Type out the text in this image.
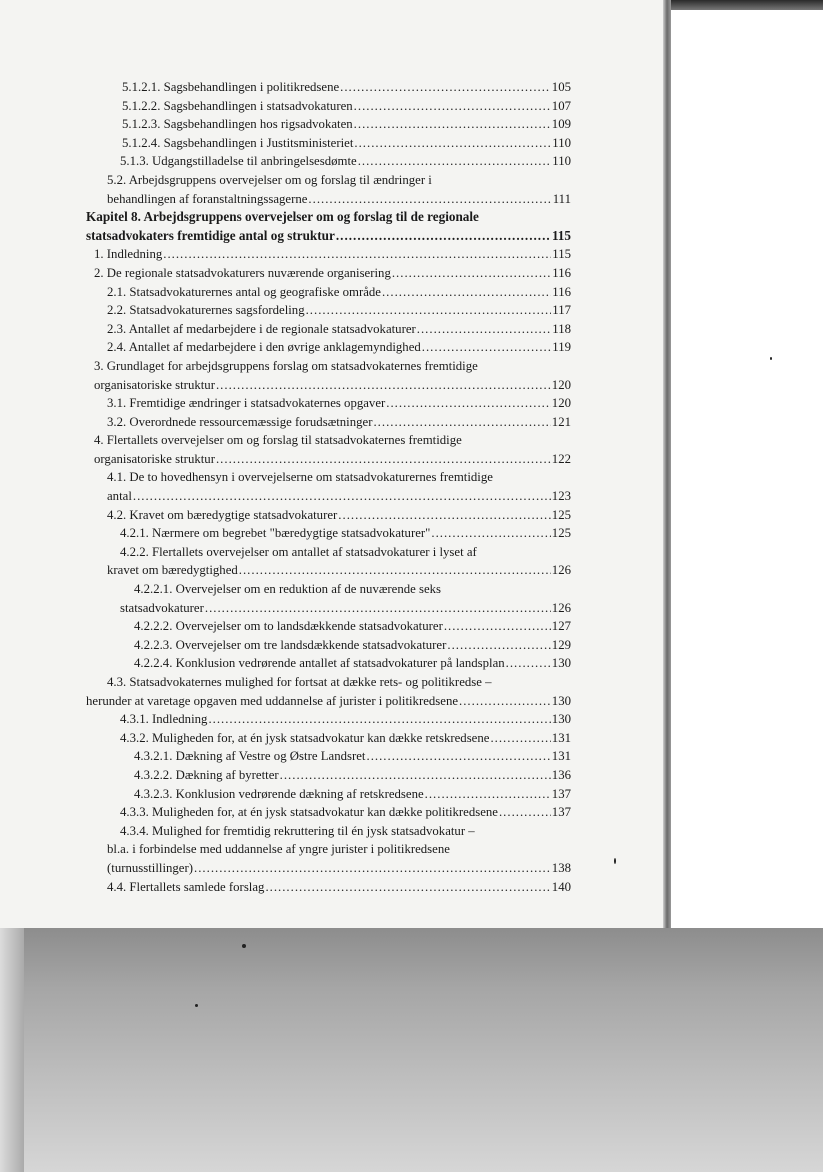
5.1.2.1. Sagsbehandlingen i politikredsene .....	105
5.1.2.2. Sagsbehandlingen i statsadvokaturen .....	107
5.1.2.3. Sagsbehandlingen hos rigsadvokaten .....	109
5.1.2.4. Sagsbehandlingen i Justitsministeriet .....	110
5.1.3. Udgangstilladelse til anbringelsesdømte .....	110
5.2. Arbejdsgruppens overvejelser om og forslag til ændringer i
behandlingen af foranstaltningssagerne .....	111
Kapitel 8. Arbejdsgruppens overvejelser om og forslag til de regionale
statsadvokaters fremtidige antal og struktur .....	115
1. Indledning .....	115
2. De regionale statsadvokaturers nuværende organisering .....	116
2.1. Statsadvokaturernes antal og geografiske område .....	116
2.2. Statsadvokaturernes sagsfordeling .....	117
2.3. Antallet af medarbejdere i de regionale statsadvokaturer .....	118
2.4. Antallet af medarbejdere i den øvrige anklagemyndighed .....	119
3. Grundlaget for arbejdsgruppens forslag om statsadvokaternes fremtidige
organisatoriske struktur .....	120
3.1. Fremtidige ændringer i statsadvokaternes opgaver .....	120
3.2. Overordnede ressourcemæssige forudsætninger .....	121
4. Flertallets overvejelser om og forslag til statsadvokaternes fremtidige
organisatoriske struktur .....	122
4.1. De to hovedhensyn i overvejelserne om statsadvokaturernes fremtidige
antal .....	123
4.2. Kravet om bæredygtige statsadvokaturer .....	125
4.2.1. Nærmere om begrebet "bæredygtige statsadvokaturer" .....	125
4.2.2. Flertallets overvejelser om antallet af statsadvokaturer i lyset af
kravet om bæredygtighed .....	126
4.2.2.1. Overvejelser om en reduktion af de nuværende seks
statsadvokaturer .....	126
4.2.2.2. Overvejelser om to landsdækkende statsadvokaturer .....	127
4.2.2.3. Overvejelser om tre landsdækkende statsadvokaturer .....	129
4.2.2.4. Konklusion vedrørende antallet af statsadvokaturer på landsplan .....	130
4.3. Statsadvokaternes mulighed for fortsat at dække rets- og politikredse –
herunder at varetage opgaven med uddannelse af jurister i politikredsene .....	130
4.3.1. Indledning .....	130
4.3.2. Muligheden for, at én jysk statsadvokatur kan dække retskredsene .....	131
4.3.2.1. Dækning af Vestre og Østre Landsret .....	131
4.3.2.2. Dækning af byretter .....	136
4.3.2.3. Konklusion vedrørende dækning af retskredsene .....	137
4.3.3. Muligheden for, at én jysk statsadvokatur kan dække politikredsene .....	137
4.3.4. Mulighed for fremtidig rekruttering til én jysk statsadvokatur –
bl.a. i forbindelse med uddannelse af yngre jurister i politikredsene
(turnusstillinger) .....	138
4.4. Flertallets samlede forslag .....	140
